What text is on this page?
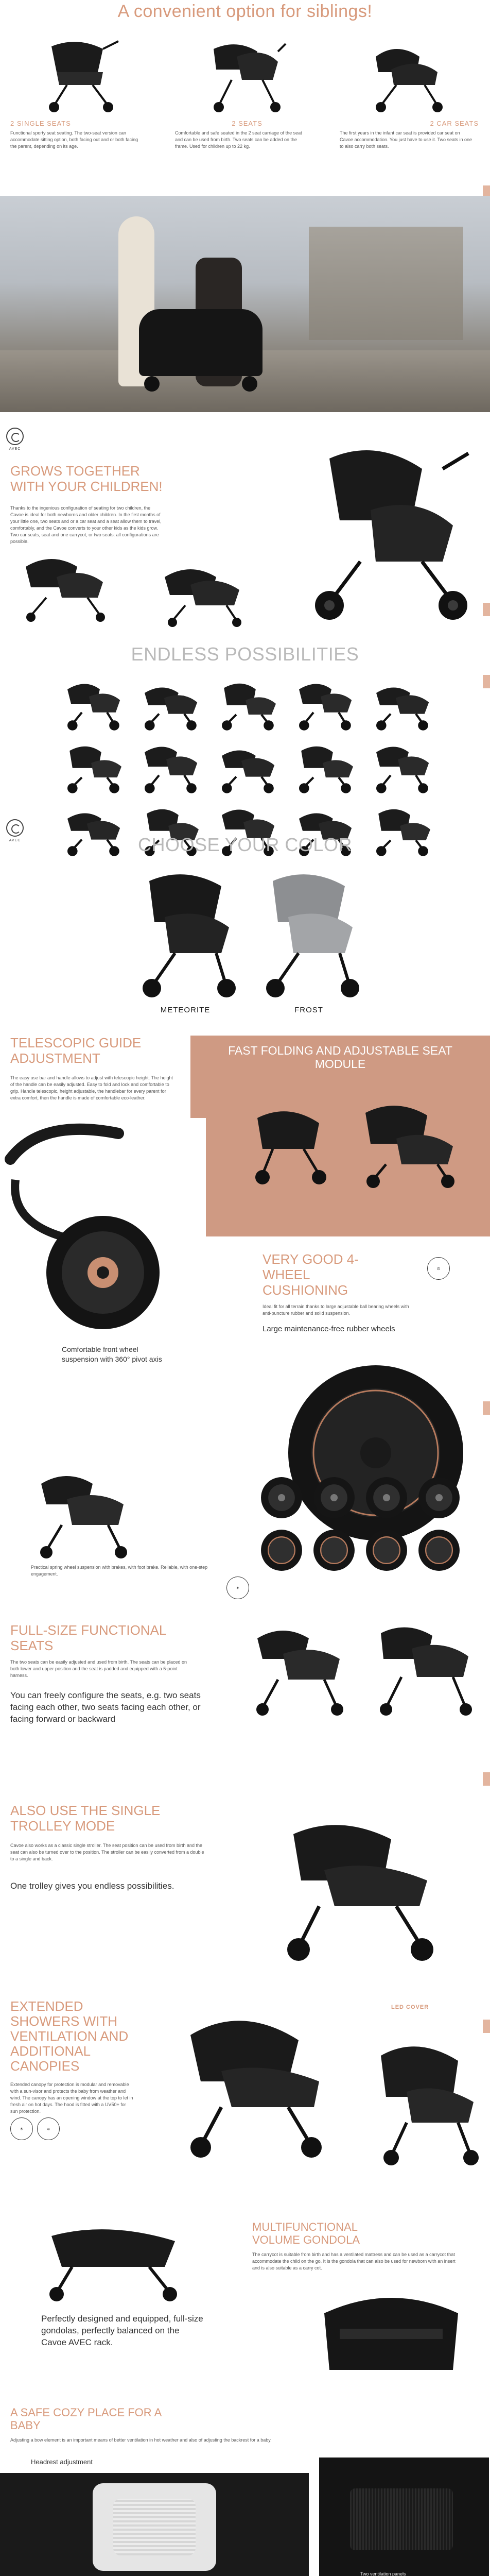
A convenient option for siblings!
2 SINGLE SEATS
Functional sporty seat seating. The two-seat version can accommodate sitting option, both facing out and or both facing the parent, depending on its age.
2 SEATS
Comfortable and safe seated in the 2 seat carriage of the seat and can be used from birth. Two seats can be added on the frame. Used for children up to 22 kg.
2 CAR SEATS
The first years in the infant car seat is provided car seat on Cavoe accommodation. You just have to use it. Two seats in one to also carry both seats.
AVEC
GROWS TOGETHER
WITH YOUR CHILDREN!
Thanks to the ingenious configuration of seating for two children, the Cavoe is ideal for both newborns and older children. In the first months of your little one, two seats and or a car seat and a seat allow them to travel, comfortably, and the Cavoe converts to your other kids as the kids grow. Two car seats, seat and one carrycot, or two seats: all configurations are possible.
ENDLESS POSSIBILITIES
AVEC	CHOOSE YOUR COLOR
METEORITE	FROST
TELESCOPIC GUIDE
ADJUSTMENT
The easy use bar and handle allows to adjust with telescopic height. The height of the handle can be easily adjusted. Easy to fold and lock and comfortable to grip. Handle telescopic, height adjustable, the handlebar for every parent for extra comfort, then the handle is made of comfortable eco-leather.
FAST FOLDING AND ADJUSTABLE SEAT
MODULE
Comfortable front wheel suspension with 360° pivot axis
VERY GOOD 4-
WHEEL
CUSHIONING
⊙
Ideal fit for all terrain thanks to large adjustable ball bearing wheels with anti-puncture rubber and solid suspension.
Large maintenance-free rubber wheels
Practical spring wheel suspension with brakes, with foot brake. Reliable, with one-step engagement.
✦
FULL-SIZE FUNCTIONAL
SEATS
The two seats can be easily adjusted and used from birth. The seats can be placed on both lower and upper position and the seat is padded and equipped with a 5-point harness.
You can freely configure the seats, e.g. two seats facing each other, two seats facing each other, or facing forward or backward
ALSO USE THE SINGLE
TROLLEY MODE
Cavoe also works as a classic single stroller. The seat position can be used from birth and the seat can also be turned over to the position. The stroller can be easily converted from a double to a single and back.
One trolley gives you endless possibilities.
EXTENDED
SHOWERS WITH
VENTILATION AND
ADDITIONAL
CANOPIES
Extended canopy for protection is modular and removable with a sun-visor and protects the baby from weather and wind. The canopy has an opening window at the top to let in fresh air on hot days. The hood is fitted with a UV50+ for sun protection.
☀	≋
LED COVER
MULTIFUNCTIONAL
VOLUME GONDOLA
The carrycot is suitable from birth and has a ventilated mattress and can be used as a carrycot that accommodate the child on the go. It is the gondola that can also be used for newborn with an insert and is also suitable as a carry cot.
Perfectly designed and equipped, full-size gondolas, perfectly balanced on the Cavoe AVEC rack.
A SAFE COZY PLACE FOR A
BABY
Adjusting a bow element is an important means of better ventilation in hot weather and also of adjusting the backrest for a baby.
Headrest adjustment
Two ventilation panels
